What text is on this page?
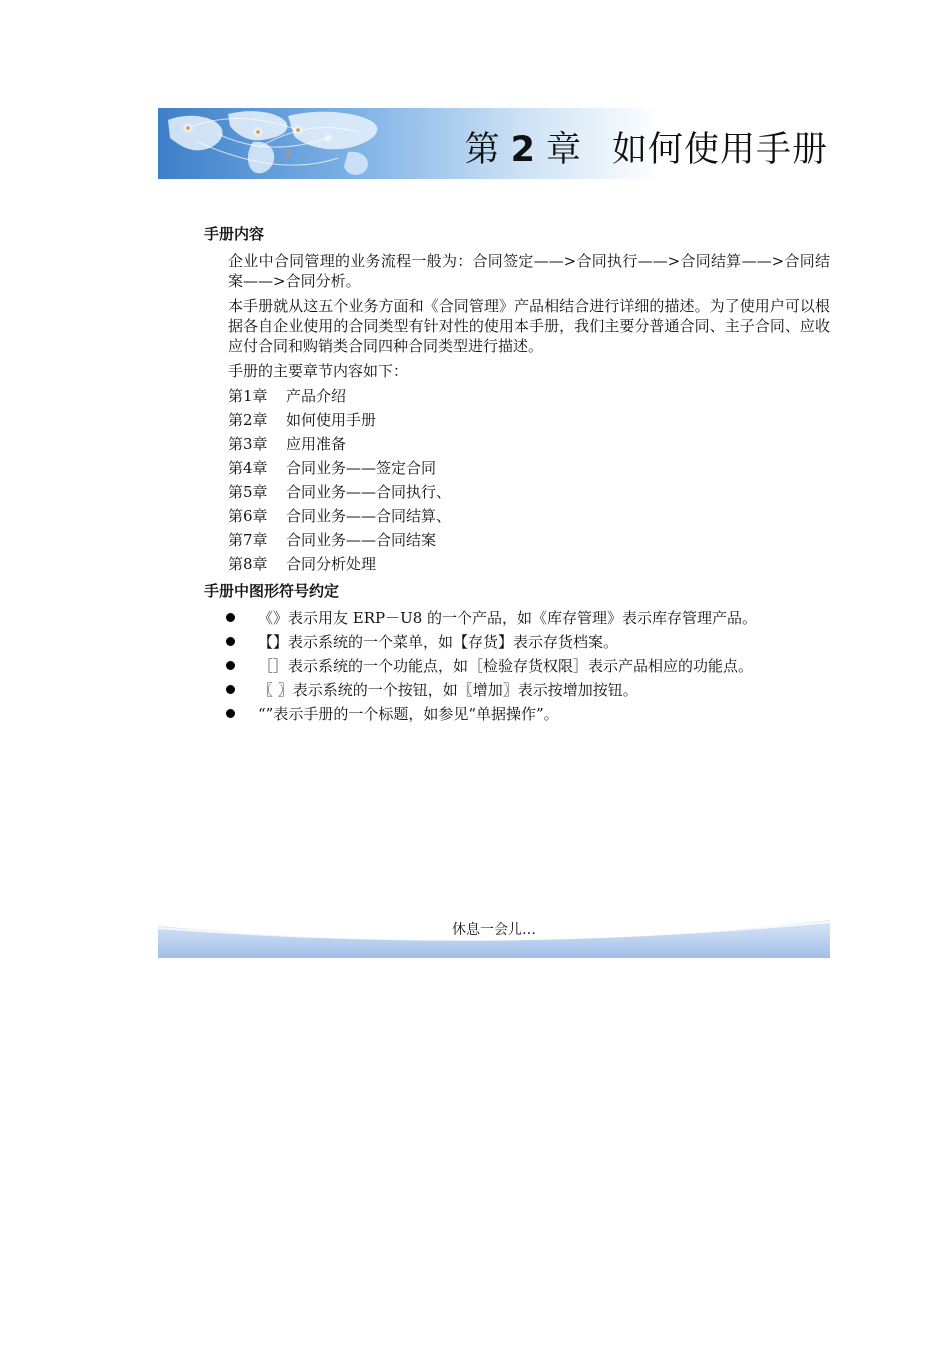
第 2 章 如何使用手册
手册内容
企业中合同管理的业务流程一般为：合同签定——>合同执行——>合同结算——>合同结案——>合同分析。
本手册就从这五个业务方面和《合同管理》产品相结合进行详细的描述。为了使用户可以根据各自企业使用的合同类型有针对性的使用本手册，我们主要分普通合同、主子合同、应收应付合同和购销类合同四种合同类型进行描述。
手册的主要章节内容如下：
第1章 产品介绍
第2章 如何使用手册
第3章 应用准备
第4章 合同业务——签定合同
第5章 合同业务——合同执行、
第6章 合同业务——合同结算、
第7章 合同业务——合同结案
第8章 合同分析处理
手册中图形符号约定
《》表示用友 ERP－U8 的一个产品，如《库存管理》表示库存管理产品。
【】表示系统的一个菜单，如【存货】表示存货档案。
［］表示系统的一个功能点，如［检验存货权限］表示产品相应的功能点。
〖 〗表示系统的一个按钮，如〖增加〗表示按增加按钮。
“”表示手册的一个标题，如参见“单据操作”。
休息一会儿…
